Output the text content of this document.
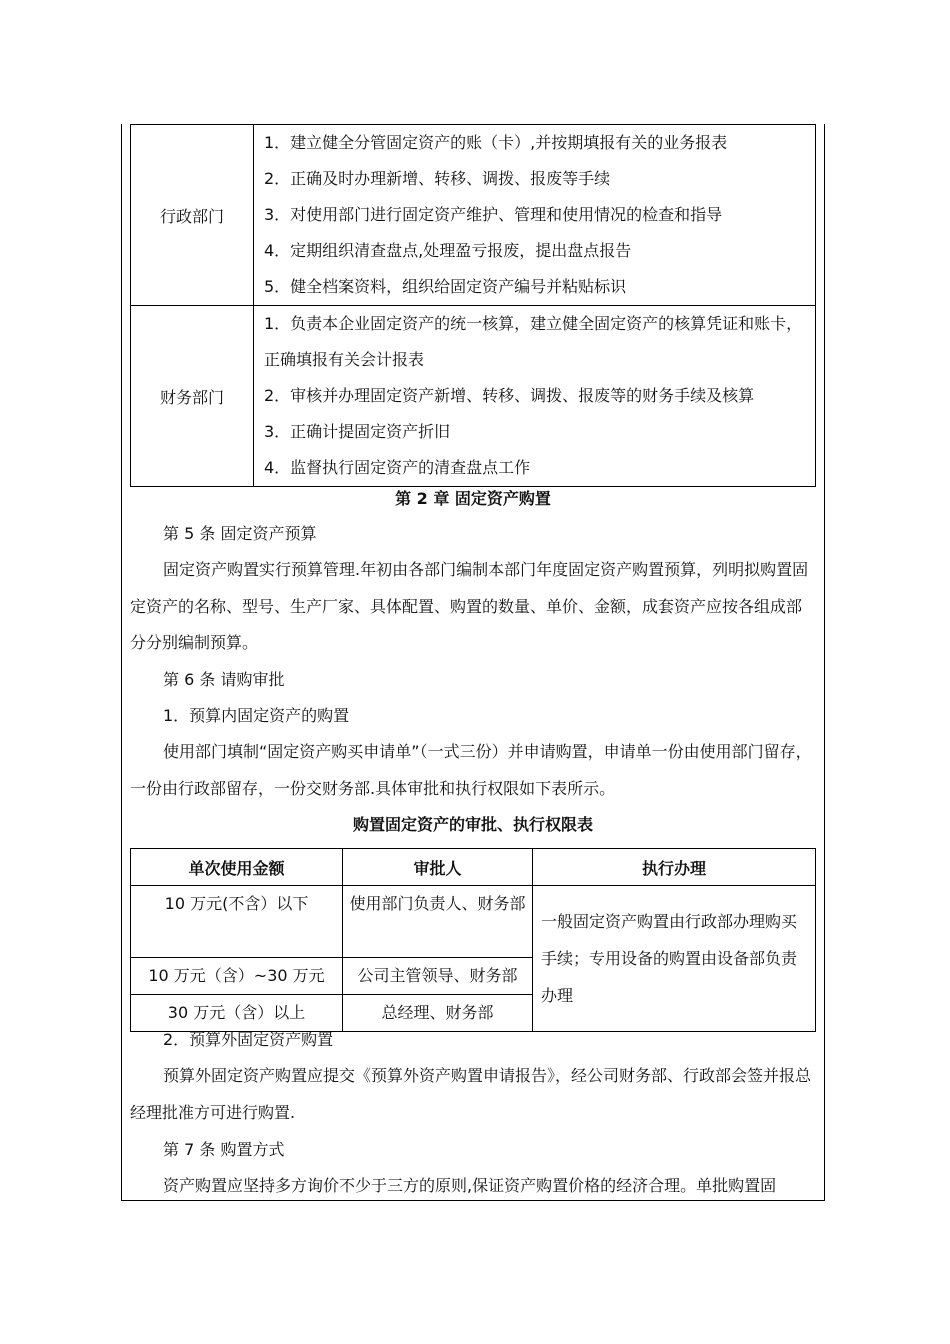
行政部门	1．建立健全分管固定资产的账（卡）,并按期填报有关的业务报表
2．正确及时办理新增、转移、调拨、报废等手续
3．对使用部门进行固定资产维护、管理和使用情况的检查和指导
4．定期组织清查盘点,处理盈亏报废，提出盘点报告
5．健全档案资料，组织给固定资产编号并粘贴标识

财务部门	1．负责本企业固定资产的统一核算，建立健全固定资产的核算凭证和账卡，正确填报有关会计报表
2．审核并办理固定资产新增、转移、调拨、报废等的财务手续及核算
3．正确计提固定资产折旧
4．监督执行固定资产的清查盘点工作
第 2 章 固定资产购置
第 5 条 固定资产预算
固定资产购置实行预算管理.年初由各部门编制本部门年度固定资产购置预算，列明拟购置固定资产的名称、型号、生产厂家、具体配置、购置的数量、单价、金额，成套资产应按各组成部分分别编制预算。
第 6 条 请购审批
1．预算内固定资产的购置
使用部门填制“固定资产购买申请单”（一式三份）并申请购置，申请单一份由使用部门留存，一份由行政部留存，一份交财务部.具体审批和执行权限如下表所示。
购置固定资产的审批、执行权限表
单次使用金额	审批人	执行办理
10 万元(不含）以下	使用部门负责人、财务部	一般固定资产购置由行政部办理购买手续；专用设备的购置由设备部负责办理
10 万元（含）~30 万元	公司主管领导、财务部	
30 万元（含）以上	总经理、财务部	
2．预算外固定资产购置
预算外固定资产购置应提交《预算外资产购置申请报告》，经公司财务部、行政部会签并报总经理批准方可进行购置.
第 7 条 购置方式
资产购置应坚持多方询价不少于三方的原则,保证资产购置价格的经济合理。单批购置固
